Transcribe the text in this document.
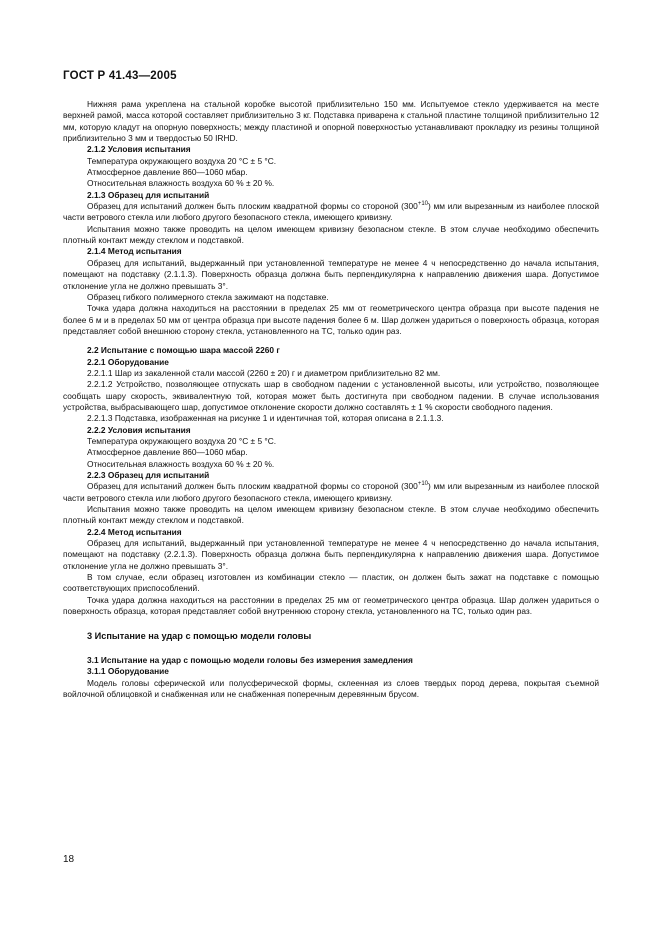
ГОСТ Р 41.43—2005

Нижняя рама укреплена на стальной коробке высотой приблизительно 150 мм. Испытуемое стекло удерживается на месте верхней рамой, масса которой составляет приблизительно 3 кг. Подставка приварена к стальной пластине толщиной приблизительно 12 мм, которую кладут на опорную поверхность; между пластиной и опорной поверхностью устанавливают прокладку из резины толщиной приблизительно 3 мм и твердостью 50 IRHD.

2.1.2 Условия испытания

Температура окружающего воздуха 20 °С ± 5 °С.

Атмосферное давление 860—1060 мбар.

Относительная влажность воздуха 60 % ± 20 %.

2.1.3 Образец для испытаний

Образец для испытаний должен быть плоским квадратной формы со стороной $(300^{+10})$ мм или вырезанным из наиболее плоской части ветрового стекла или любого другого безопасного стекла, имеющего кривизну.

Испытания можно также проводить на целом имеющем кривизну безопасном стекле. В этом случае необходимо обеспечить плотный контакт между стеклом и подставкой.

2.1.4 Метод испытания

Образец для испытаний, выдержанный при установленной температуре не менее 4 ч непосредственно до начала испытания, помещают на подставку (2.1.1.3). Поверхность образца должна быть перпендикулярна к направлению движения шара. Допустимое отклонение угла не должно превышать 3°.

Образец гибкого полимерного стекла зажимают на подставке.

Точка удара должна находиться на расстоянии в пределах 25 мм от геометрического центра образца при высоте падения не более 6 м и в пределах 50 мм от центра образца при высоте падения более 6 м. Шар должен удариться о поверхность образца, которая представляет собой внешнюю сторону стекла, установленного на ТС, только один раз.

2.2 Испытание с помощью шара массой 2260 г

2.2.1 Оборудование

2.2.1.1 Шар из закаленной стали массой (2260 ± 20) г и диаметром приблизительно 82 мм.

2.2.1.2 Устройство, позволяющее отпускать шар в свободном падении с установленной высоты, или устройство, позволяющее сообщать шару скорость, эквивалентную той, которая может быть достигнута при свободном падении. В случае использования устройства, выбрасывающего шар, допустимое отклонение скорости должно составлять ± 1 % скорости свободного падения.

2.2.1.3 Подставка, изображенная на рисунке 1 и идентичная той, которая описана в 2.1.1.3.

2.2.2 Условия испытания

Температура окружающего воздуха 20 °С ± 5 °С.

Атмосферное давление 860—1060 мбар.

Относительная влажность воздуха 60 % ± 20 %.

2.2.3 Образец для испытаний

Образец для испытаний должен быть плоским квадратной формы со стороной $(300^{+10})$ мм или вырезанным из наиболее плоской части ветрового стекла или любого другого безопасного стекла, имеющего кривизну.

Испытания можно также проводить на целом имеющем кривизну безопасном стекле. В этом случае необходимо обеспечить плотный контакт между стеклом и подставкой.

2.2.4 Метод испытания

Образец для испытаний, выдержанный при установленной температуре не менее 4 ч непосредственно до начала испытания, помещают на подставку (2.2.1.3). Поверхность образца должна быть перпендикулярна к направлению движения шара. Допустимое отклонение угла не должно превышать 3°.

В том случае, если образец изготовлен из комбинации стекло — пластик, он должен быть зажат на подставке с помощью соответствующих приспособлений.

Точка удара должна находиться на расстоянии в пределах 25 мм от геометрического центра образца. Шар должен удариться о поверхность образца, которая представляет собой внутреннюю сторону стекла, установленного на ТС, только один раз.

3 Испытание на удар с помощью модели головы

3.1 Испытание на удар с помощью модели головы без измерения замедления

3.1.1 Оборудование

Модель головы сферической или полусферической формы, склеенная из слоев твердых пород дерева, покрытая съемной войлочной облицовкой и снабженная или не снабженная поперечным деревянным брусом.

18
